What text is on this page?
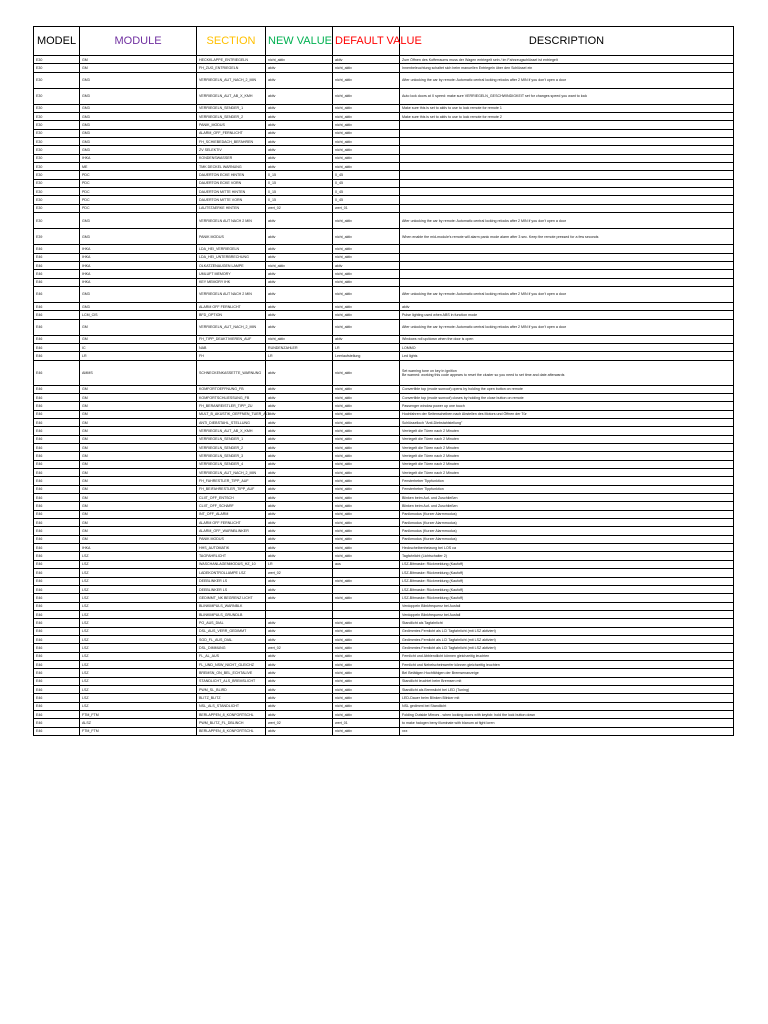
MODEL	MODULE	SECTION	NEW VALUE	DEFAULT VALUE	DESCRIPTION
E30	GM	HECKKLAPPE_ENTRIEGELN	nicht_aktiv	aktiv	Zum Öffnen des Kofferraums muss der Wagen entriegelt sein / im Fahrzeugschlüssel ist entriegelt
E30	GM	FH_ZUG_ENTRIEGELN	aktiv	nicht_aktiv	Innenbeleuchtung schaltet sich beim manuellen Entriegeln über den Schlüssel ein
E30	GM3	VERRIEGELN_AUT_NACH_2_MIN	aktiv	nicht_aktiv	After unlocking the car by remote: Automatic central locking relocks after 2 MIN if you don't open a door
E30	GM3	VERRIEGELN_AUT_AB_X_KMH	aktiv	nicht_aktiv	Auto lock doors at X speed: make sure VERRIEGELN_GESCHWINDIGKEIT set for changes speed you want to lock
E30	GM3	VERRIEGELN_SENDER_1	aktiv	nicht_aktiv	Make sure this is set to aktiv to use to lock remote for remote 1
E30	GM3	VERRIEGELN_SENDER_2	aktiv	nicht_aktiv	Make sure this is set to aktiv to use to lock remote for remote 2
E30	GM3	PANIK_MODUS	aktiv	nicht_aktiv	
E30	GM3	ALARM_OFF_FERNLICHT	aktiv	nicht_aktiv	
E30	GM3	FH_SCHIEBEDACH_BEFAHREN	aktiv	nicht_aktiv	
E30	GM3	ZV SELEKTIV	aktiv	nicht_aktiv	
E30	IHKA	KONDENSWASSER	aktiv	nicht_aktiv	
E30	ME	TMK DECKEL WARNUNG	aktiv	nicht_aktiv	
E30	PDC	DAUERTON ECKE HINTEN	0_15	0_45	
E30	PDC	DAUERTON ECKE VORN	0_15	0_45	
E30	PDC	DAUERTON MITTE HINTEN	0_15	0_45	
E30	PDC	DAUERTON MITTE VORN	0_15	0_45	
E30	PDC	LAUTSTAERKE HINTEN	wert_02	wert_01	
E30	GM3	VERRIEGELN AUT NACH 2 MIN	aktiv	nicht_aktiv	After unlocking the car by remote: Automatic central locking relocks after 2 MIN if you don't open a door
E39	GM3	PANIK MODUS	aktiv	nicht_aktiv	When enable the mid-module's remote will alarm panic mode alarm after 3 sec. Keep the remote pressed for a few seconds
E46	IHKA	LDA_HEI_VERRIEGELN	aktiv	nicht_aktiv	
E46	IHKA	LDA_HEI_UNTERBRECHUNG	aktiv	nicht_aktiv	
E46	IHKA	OLKATZENAUGEN LAMPE	nicht_aktiv	aktiv	
E46	IHKA	UMLUFT MEMORY	aktiv	nicht_aktiv	
E46	IHKA	KEY MEMORY IHK	aktiv	nicht_aktiv	
E46	GM3	VERRIEGELN AUT NACH 2 MIN	aktiv	nicht_aktiv	After unlocking the car by remote: Automatic central locking relocks after 2 MIN if you don't open a door
E46	GM3	ALARM OFF FERNLICHT	aktiv	nicht_aktiv	aktiv
E46	LCM_CIS	BFD_OPTION	aktiv	nicht_aktiv	Pulse lighting used when ABS in function mode
E46	GM	VERRIEGELN_AUT_NACH_2_MIN	aktiv	nicht_aktiv	After unlocking the car by remote: Automatic central locking relocks after 2 MIN if you don't open a door
E46	GM	FH_TIPP_DEAKTIVIEREN_AUF	nicht_aktiv	aktiv	Windows roll up/down when the door is open
E46	IC	NAB	RUNDENZAHLER	LR	LOMMO
E46	LR	FH	LR	Leerlaufstellung	Led lights
E46	AMMS	SCHNECKENKASSETTE_WARNUNG	aktiv	nicht_aktiv	Set warning tone on key in ignition
Be warned: working this code appears to reset the cluster so you need to set time and date afterwards
E46	GM	KOMFORTOEFFNUNG_FB	aktiv	nicht_aktiv	Convertible top (mode sunroof) opens by holding the open button on remote
E46	GM	KOMFORTSCHLIESSUNG_FB	aktiv	nicht_aktiv	Convertible top (mode sunroof) closes by holding the close button on remote
E46	GM	FH_BERANREISTLER_TIPP_ZU	aktiv	nicht_aktiv	Passenger window power up one touch
E46	GM	MULT_B_AKUSTIK_OEFFNEN_TUER_ALT	aktiv	nicht_aktiv	Hochfahren der Seitenscheiben nach Abstellen des Motors und Öffnen der Tür
E46	GM	ANTI_DIEBSTAHL_STELLUNG	aktiv	nicht_aktiv	Schlüsselloch "Anti-Diebstahlstellung"
E46	GM	VERRIEGELN_AUT_AB_X_KMH	aktiv	nicht_aktiv	Verriegelt die Türen nach 2 Minuten
E46	GM	VERRIEGELN_SENDER_1	aktiv	nicht_aktiv	Verriegelt die Türen nach 2 Minuten
E46	GM	VERRIEGELN_SENDER_2	aktiv	nicht_aktiv	Verriegelt die Türen nach 2 Minuten
E46	GM	VERRIEGELN_SENDER_3	aktiv	nicht_aktiv	Verriegelt die Türen nach 2 Minuten
E46	GM	VERRIEGELN_SENDER_4	aktiv	nicht_aktiv	Verriegelt die Türen nach 2 Minuten
E46	GM	VERRIEGELN_AUT_NACH_2_MIN	aktiv	nicht_aktiv	Verriegelt die Türen nach 2 Minuten
E46	GM	FH_FAHRESTLER_TIPP_AUF	aktiv	nicht_aktiv	Fensterheber Tippfunktion
E46	GM	FH_BEIFAHRESTLER_TIPP_AUF	aktiv	nicht_aktiv	Fensterheber Tippfunktion
E46	GM	CLIIT_OFF_ENTSCH	aktiv	nicht_aktiv	Blinken beim Auf- und Zuschließen
E46	GM	CLIIT_OFF_SCHARF	aktiv	nicht_aktiv	Blinken beim Auf- und Zuschließen
E46	GM	INT_OFF_ALARM	aktiv	nicht_aktiv	Panikmodus (Kurzer Alarmmodus)
E46	GM	ALARM OFF FERNLICHT	aktiv	nicht_aktiv	Panikmodus (Kurzer Alarmmodus)
E46	GM	ALARM_OFF_WARNBLINKER	aktiv	nicht_aktiv	Panikmodus (Kurzer Alarmmodus)
E46	GM	PANIK MODUS	aktiv	nicht_aktiv	Panikmodus (Kurzer Alarmmodus)
E46	IHKA	HHS_AUTOMATIK	aktiv	nicht_aktiv	Heckscheibenheizung bei LOS ca
E46	LSZ	TAGFAHRLICHT	aktiv	nicht_aktiv	Tagfahrlicht (Lichtschalter 2)
E46	LSZ	WASCHANLAGENMODUS_HZ_10	LR	aus	LSZ-Bitmaske: Rückmeldung (Kaufoff)
E46	LSZ	LADEKONTROLLAMPE LSZ	wert_02		LSZ-Bitmaske: Rückmeldung (Kaufoff)
E46	LSZ	DEEBLINKER LS	aktiv	nicht_aktiv	LSZ-Bitmaske: Rückmeldung (Kaufoff)
E46	LSZ	DEEBLINKER LS	aktiv		LSZ-Bitmaske: Rückmeldung (Kaufoff)
E46	LSZ	GEDIMMT_NK BEGRENZ LICHT	aktiv	nicht_aktiv	LSZ-Bitmaske: Rückmeldung (Kaufoff)
E46	LSZ	BLINKIMPULS_WARNBLK			Verdoppeln Blinkfrequenz bei Ausfall
E46	LSZ	BLINKIMPULS_GRUNDLB			Verdoppeln Blinkfrequenz bei Ausfall
E46	LSZ	PO_AUS_DIAL	aktiv	nicht_aktiv	Standlicht als Tagfahrlicht
E46	LSZ	DSL_AUS_VERR_GEDIMMT	aktiv	nicht_aktiv	Gedimmtes Fernlicht als LCI Tagfahrlicht (mit LSZ aktiviert)
E46	LSZ	SGD_FL_AUS_DIAL	aktiv	nicht_aktiv	Gedimmtes Fernlicht als LCI Tagfahrlicht (mit LSZ aktiviert)
E46	LSZ	DSL_DIMMUNG	wert_02	nicht_aktiv	Gedimmtes Fernlicht als LCI Tagfahrlicht (mit LSZ aktiviert)
E46	LSZ	FL_AL_AUS	aktiv	nicht_aktiv	Fernlicht und Abblendlicht können gleichzeitig leuchten
E46	LSZ	FL_UND_NSW_NICHT_GLEICHZ	aktiv	nicht_aktiv	Fernlicht und Nebelscheinwerfer können gleichzeitig leuchten
E46	LSZ	BREMSN_ON_BEL_ECHTALIVE	aktiv	nicht_aktiv	Bei Betätigen Hochfähigen der Bremsenanzeige
E46	LSZ	STANDLICHT_ALS_BREMSLICHT	aktiv	nicht_aktiv	Standlicht leuchtet beim Bremsen mit
E46	LSZ	PWM_SL_BLIRD	aktiv	nicht_aktiv	Standlicht als Bremslicht bei LED (Tuning)
E46	LSZ	BLITZ_BLITZ	aktiv	nicht_aktiv	LED-Dauer beim Blinken Blinker mit
E46	LSZ	NSL_ALS_STANDLICHT	aktiv	nicht_aktiv	NSL gedimmt bei Standlicht
E46	FTM_FTM	BERLAPPEN_8_KONFORTSCHL	aktiv	nicht_aktiv	Folding Outside Mirrors - when locking doors with keyfob: hold the lock button down
E46	ALSZ	PWM_BLITZ_FL_DBLINCH	wert_02	wert_01	to make halogen beny illuminate with blanum at fight loren
E46	FTM_FTM	BERLAPPEN_8_KONFORTSCHL	aktiv	nicht_aktiv	xxx
